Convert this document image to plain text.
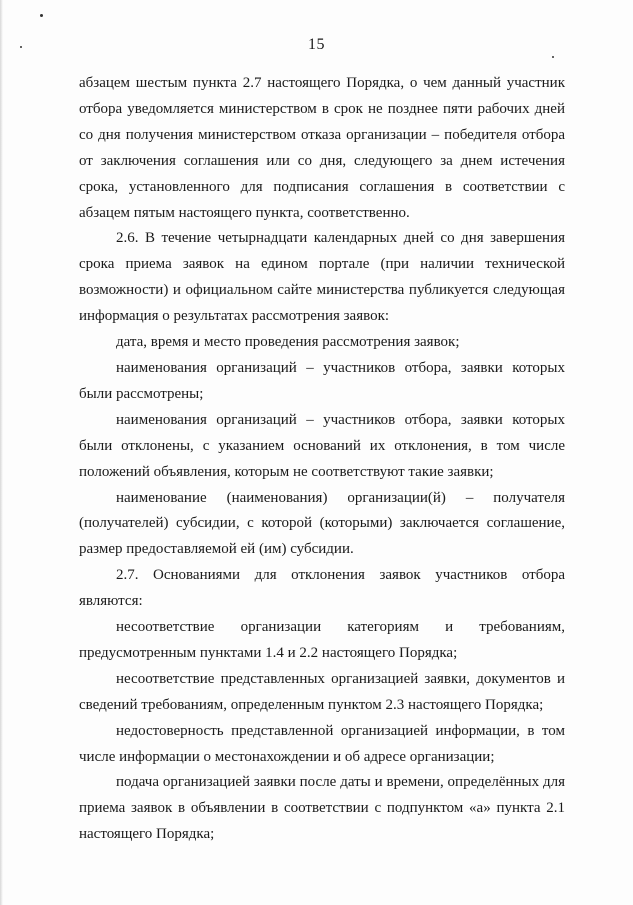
15

абзацем шестым пункта 2.7 настоящего Порядка, о чем данный участник отбора уведомляется министерством в срок не позднее пяти рабочих дней со дня получения министерством отказа организации – победителя отбора от заключения соглашения или со дня, следующего за днем истечения срока, установленного для подписания соглашения в соответствии с абзацем пятым настоящего пункта, соответственно.

2.6. В течение четырнадцати календарных дней со дня завершения срока приема заявок на едином портале (при наличии технической возможности) и официальном сайте министерства публикуется следующая информация о результатах рассмотрения заявок:

дата, время и место проведения рассмотрения заявок;

наименования организаций – участников отбора, заявки которых были рассмотрены;

наименования организаций – участников отбора, заявки которых были отклонены, с указанием оснований их отклонения, в том числе положений объявления, которым не соответствуют такие заявки;

наименование (наименования) организации(й) – получателя (получателей) субсидии, с которой (которыми) заключается соглашение, размер предоставляемой ей (им) субсидии.

2.7. Основаниями для отклонения заявок участников отбора являются:

несоответствие организации категориям и требованиям, предусмотренным пунктами 1.4 и 2.2 настоящего Порядка;

несоответствие представленных организацией заявки, документов и сведений требованиям, определенным пунктом 2.3 настоящего Порядка;

недостоверность представленной организацией информации, в том числе информации о местонахождении и об адресе организации;

подача организацией заявки после даты и времени, определённых для приема заявок в объявлении в соответствии с подпунктом «а» пункта 2.1 настоящего Порядка;
